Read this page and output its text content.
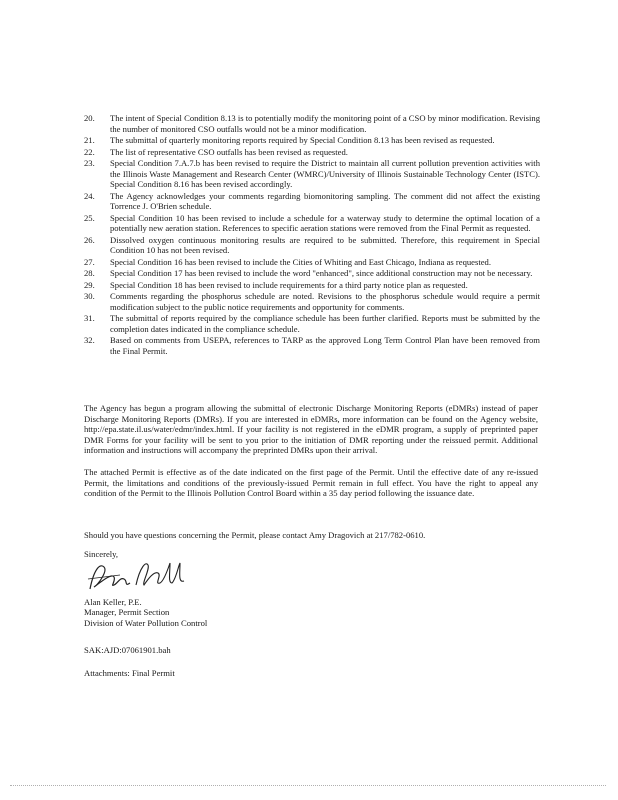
20.	The intent of Special Condition 8.13 is to potentially modify the monitoring point of a CSO by minor modification. Revising the number of monitored CSO outfalls would not be a minor modification.
21.	The submittal of quarterly monitoring reports required by Special Condition 8.13 has been revised as requested.
22.	The list of representative CSO outfalls has been revised as requested.
23.	Special Condition 7.A.7.b has been revised to require the District to maintain all current pollution prevention activities with the Illinois Waste Management and Research Center (WMRC)/University of Illinois Sustainable Technology Center (ISTC). Special Condition 8.16 has been revised accordingly.
24.	The Agency acknowledges your comments regarding biomonitoring sampling. The comment did not affect the existing Torrence J. O'Brien schedule.
25.	Special Condition 10 has been revised to include a schedule for a waterway study to determine the optimal location of a potentially new aeration station. References to specific aeration stations were removed from the Final Permit as requested.
26.	Dissolved oxygen continuous monitoring results are required to be submitted. Therefore, this requirement in Special Condition 10 has not been revised.
27.	Special Condition 16 has been revised to include the Cities of Whiting and East Chicago, Indiana as requested.
28.	Special Condition 17 has been revised to include the word "enhanced", since additional construction may not be necessary.
29.	Special Condition 18 has been revised to include requirements for a third party notice plan as requested.
30.	Comments regarding the phosphorus schedule are noted. Revisions to the phosphorus schedule would require a permit modification subject to the public notice requirements and opportunity for comments.
31.	The submittal of reports required by the compliance schedule has been further clarified. Reports must be submitted by the completion dates indicated in the compliance schedule.
32.	Based on comments from USEPA, references to TARP as the approved Long Term Control Plan have been removed from the Final Permit.

The Agency has begun a program allowing the submittal of electronic Discharge Monitoring Reports (eDMRs) instead of paper Discharge Monitoring Reports (DMRs). If you are interested in eDMRs, more information can be found on the Agency website, http://epa.state.il.us/water/edmr/index.html. If your facility is not registered in the eDMR program, a supply of preprinted paper DMR Forms for your facility will be sent to you prior to the initiation of DMR reporting under the reissued permit. Additional information and instructions will accompany the preprinted DMRs upon their arrival.

The attached Permit is effective as of the date indicated on the first page of the Permit. Until the effective date of any re-issued Permit, the limitations and conditions of the previously-issued Permit remain in full effect. You have the right to appeal any condition of the Permit to the Illinois Pollution Control Board within a 35 day period following the issuance date.

Should you have questions concerning the Permit, please contact Amy Dragovich at 217/782-0610.

Sincerely,
Alan Keller, P.E.
Manager, Permit Section
Division of Water Pollution Control
SAK:AJD:07061901.bah
Attachments: Final Permit
